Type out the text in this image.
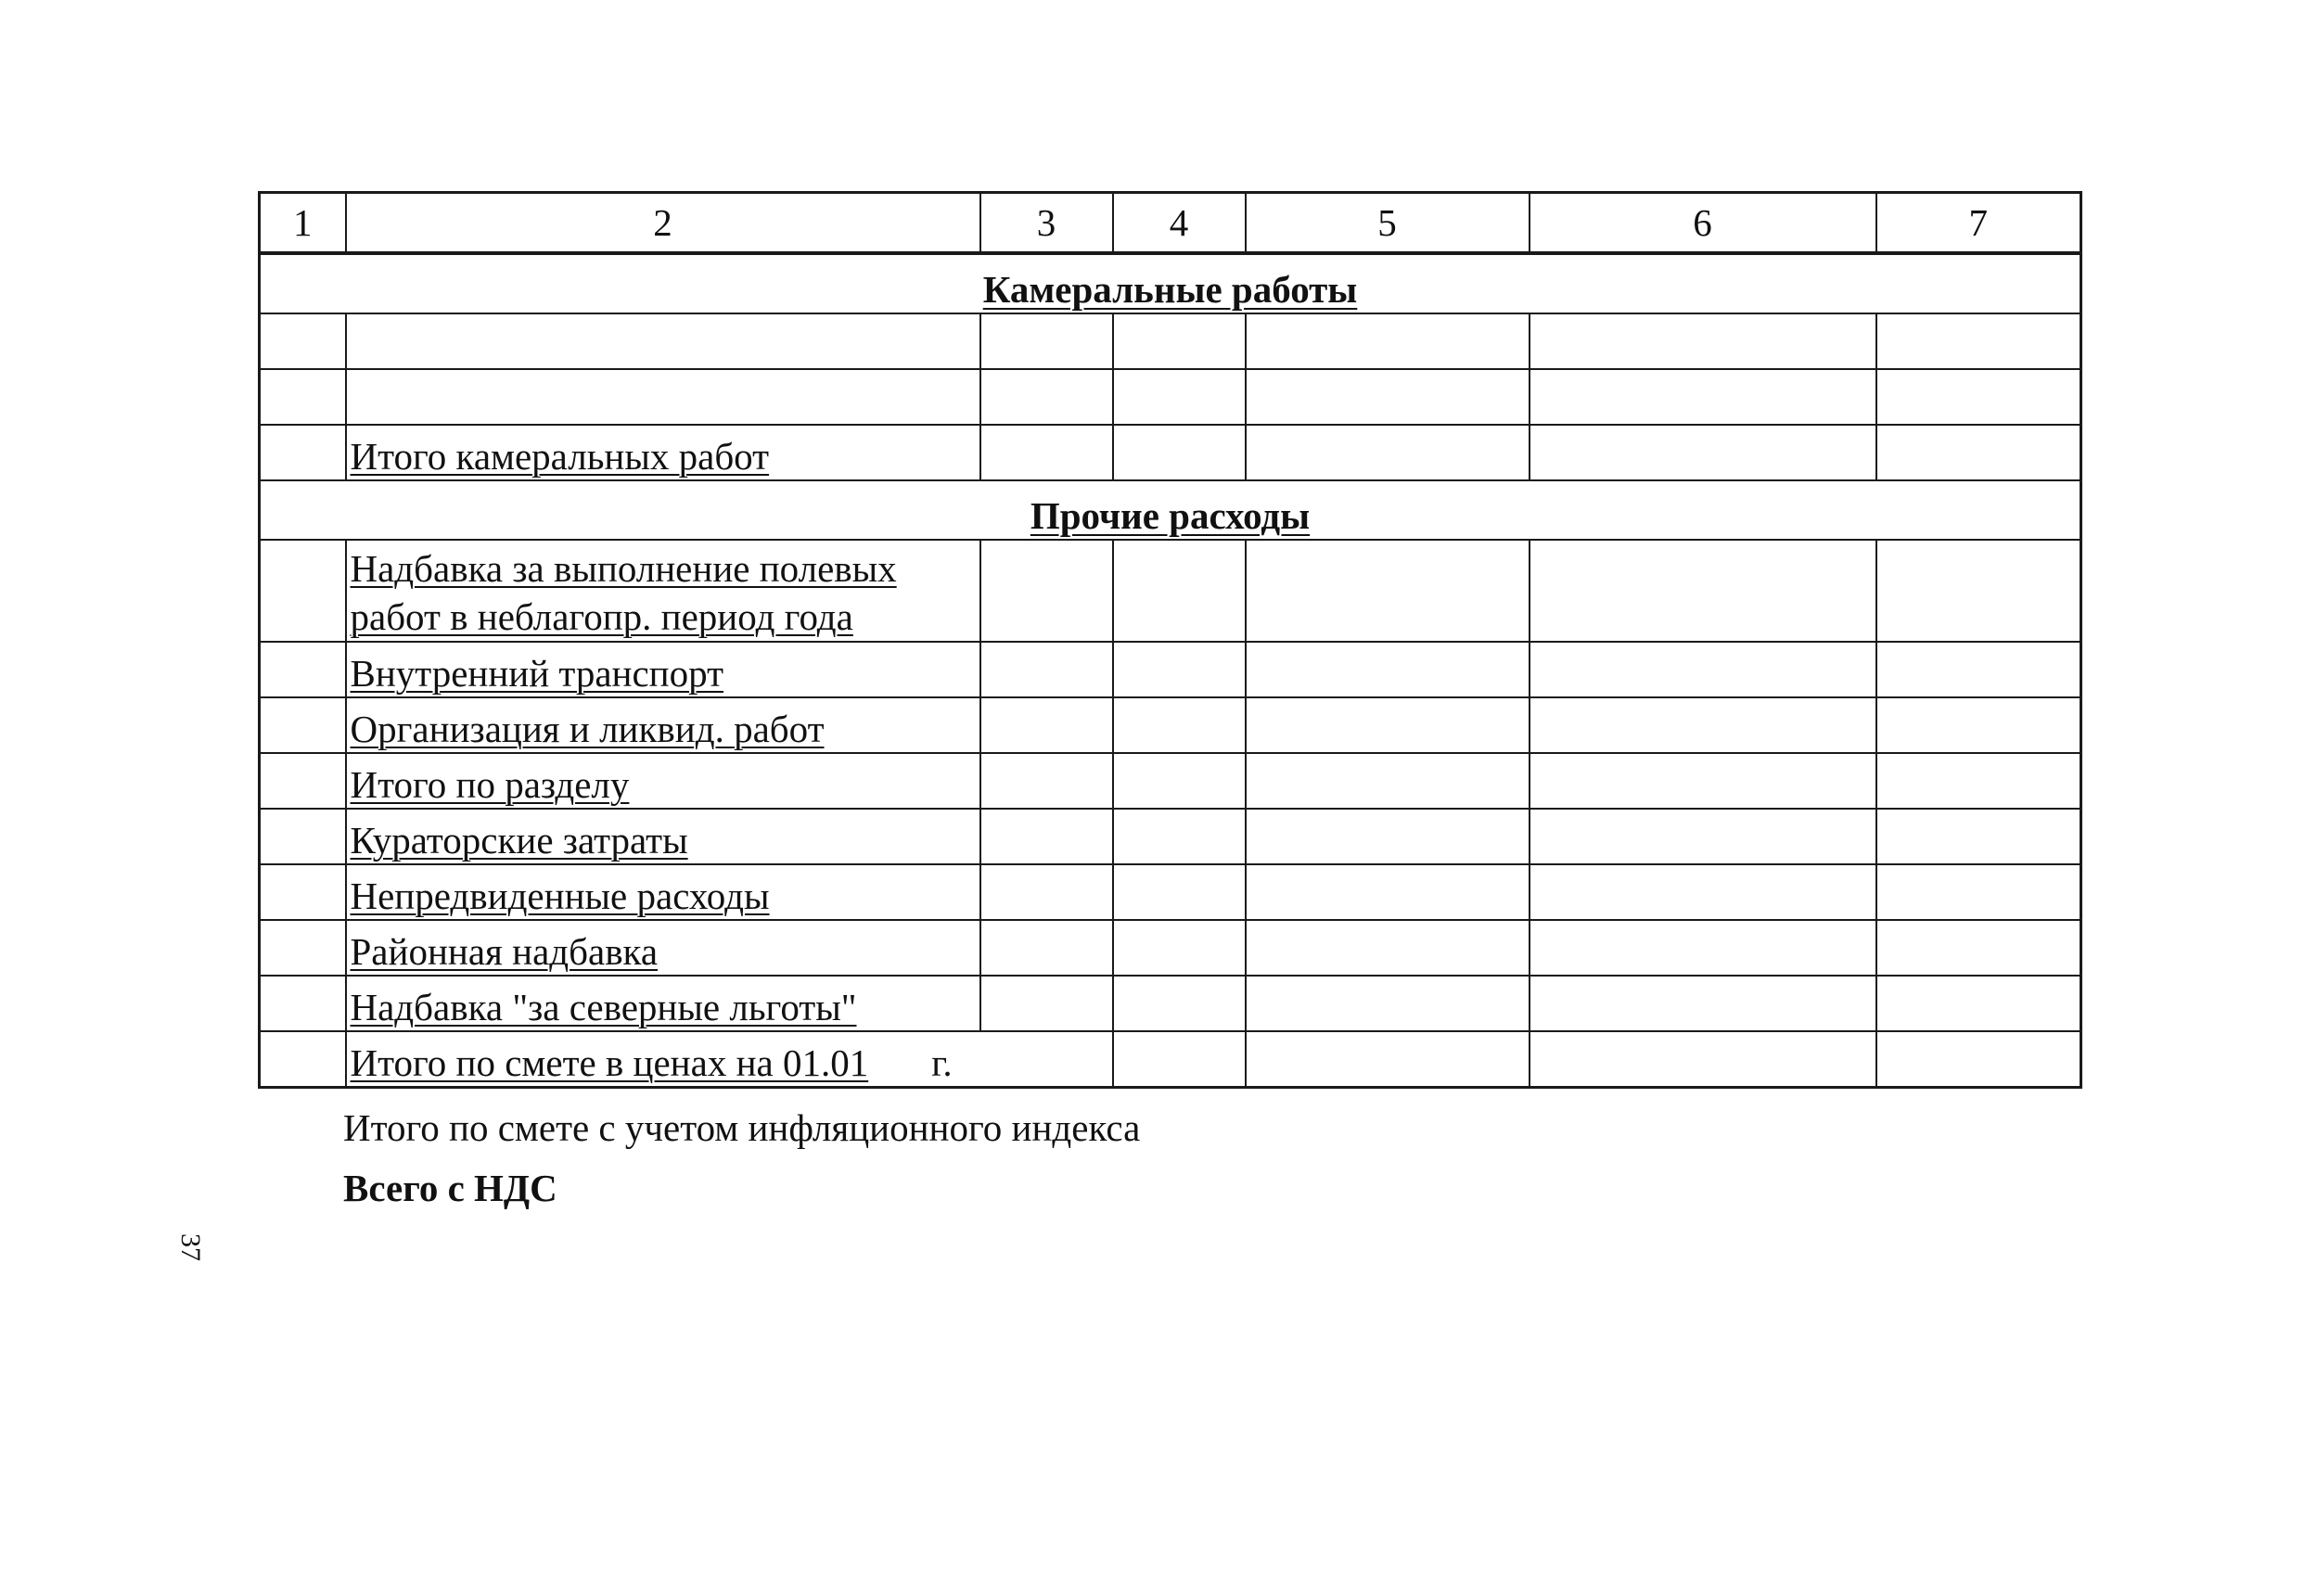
1	2	3	4	5	6	7
Камеральные работы						

	Итого камеральных работ					
Прочие расходы						
	Надбавка за выполнение полевых работ в неблагопр. период года					
	Внутренний транспорт					
	Организация и ликвид. работ					
	Итого по разделу					
	Кураторские затраты					
	Непредвиденные расходы					
	Районная надбавка					
	Надбавка "за северные льготы"					
	Итого по смете в ценах на 01.01 г.					
Итого по смете с учетом инфляционного индекса
Всего с НДС
37
